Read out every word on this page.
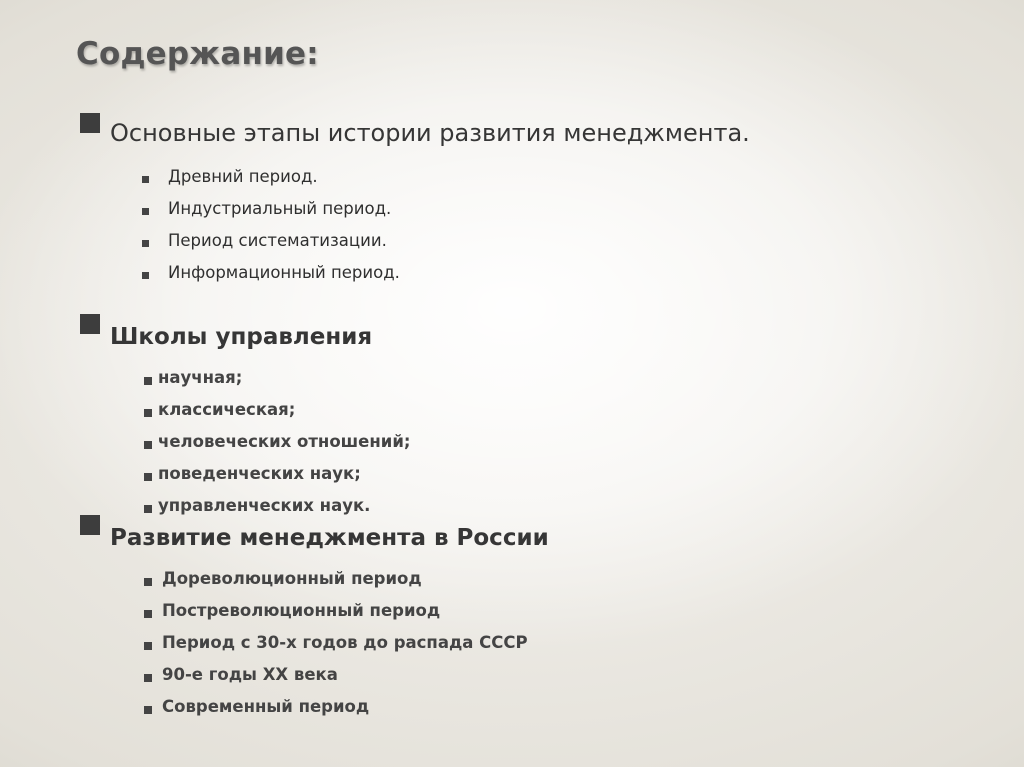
Содержание:
Основные этапы истории развития менеджмента.
Древний период.
Индустриальный период.
Период систематизации.
Информационный период.
Школы управления
научная;
классическая;
человеческих отношений;
поведенческих наук;
управленческих наук.
Развитие менеджмента в России
Дореволюционный период
Постреволюционный период
Период с 30-х годов до распада СССР
90-е годы XX века
Современный период
